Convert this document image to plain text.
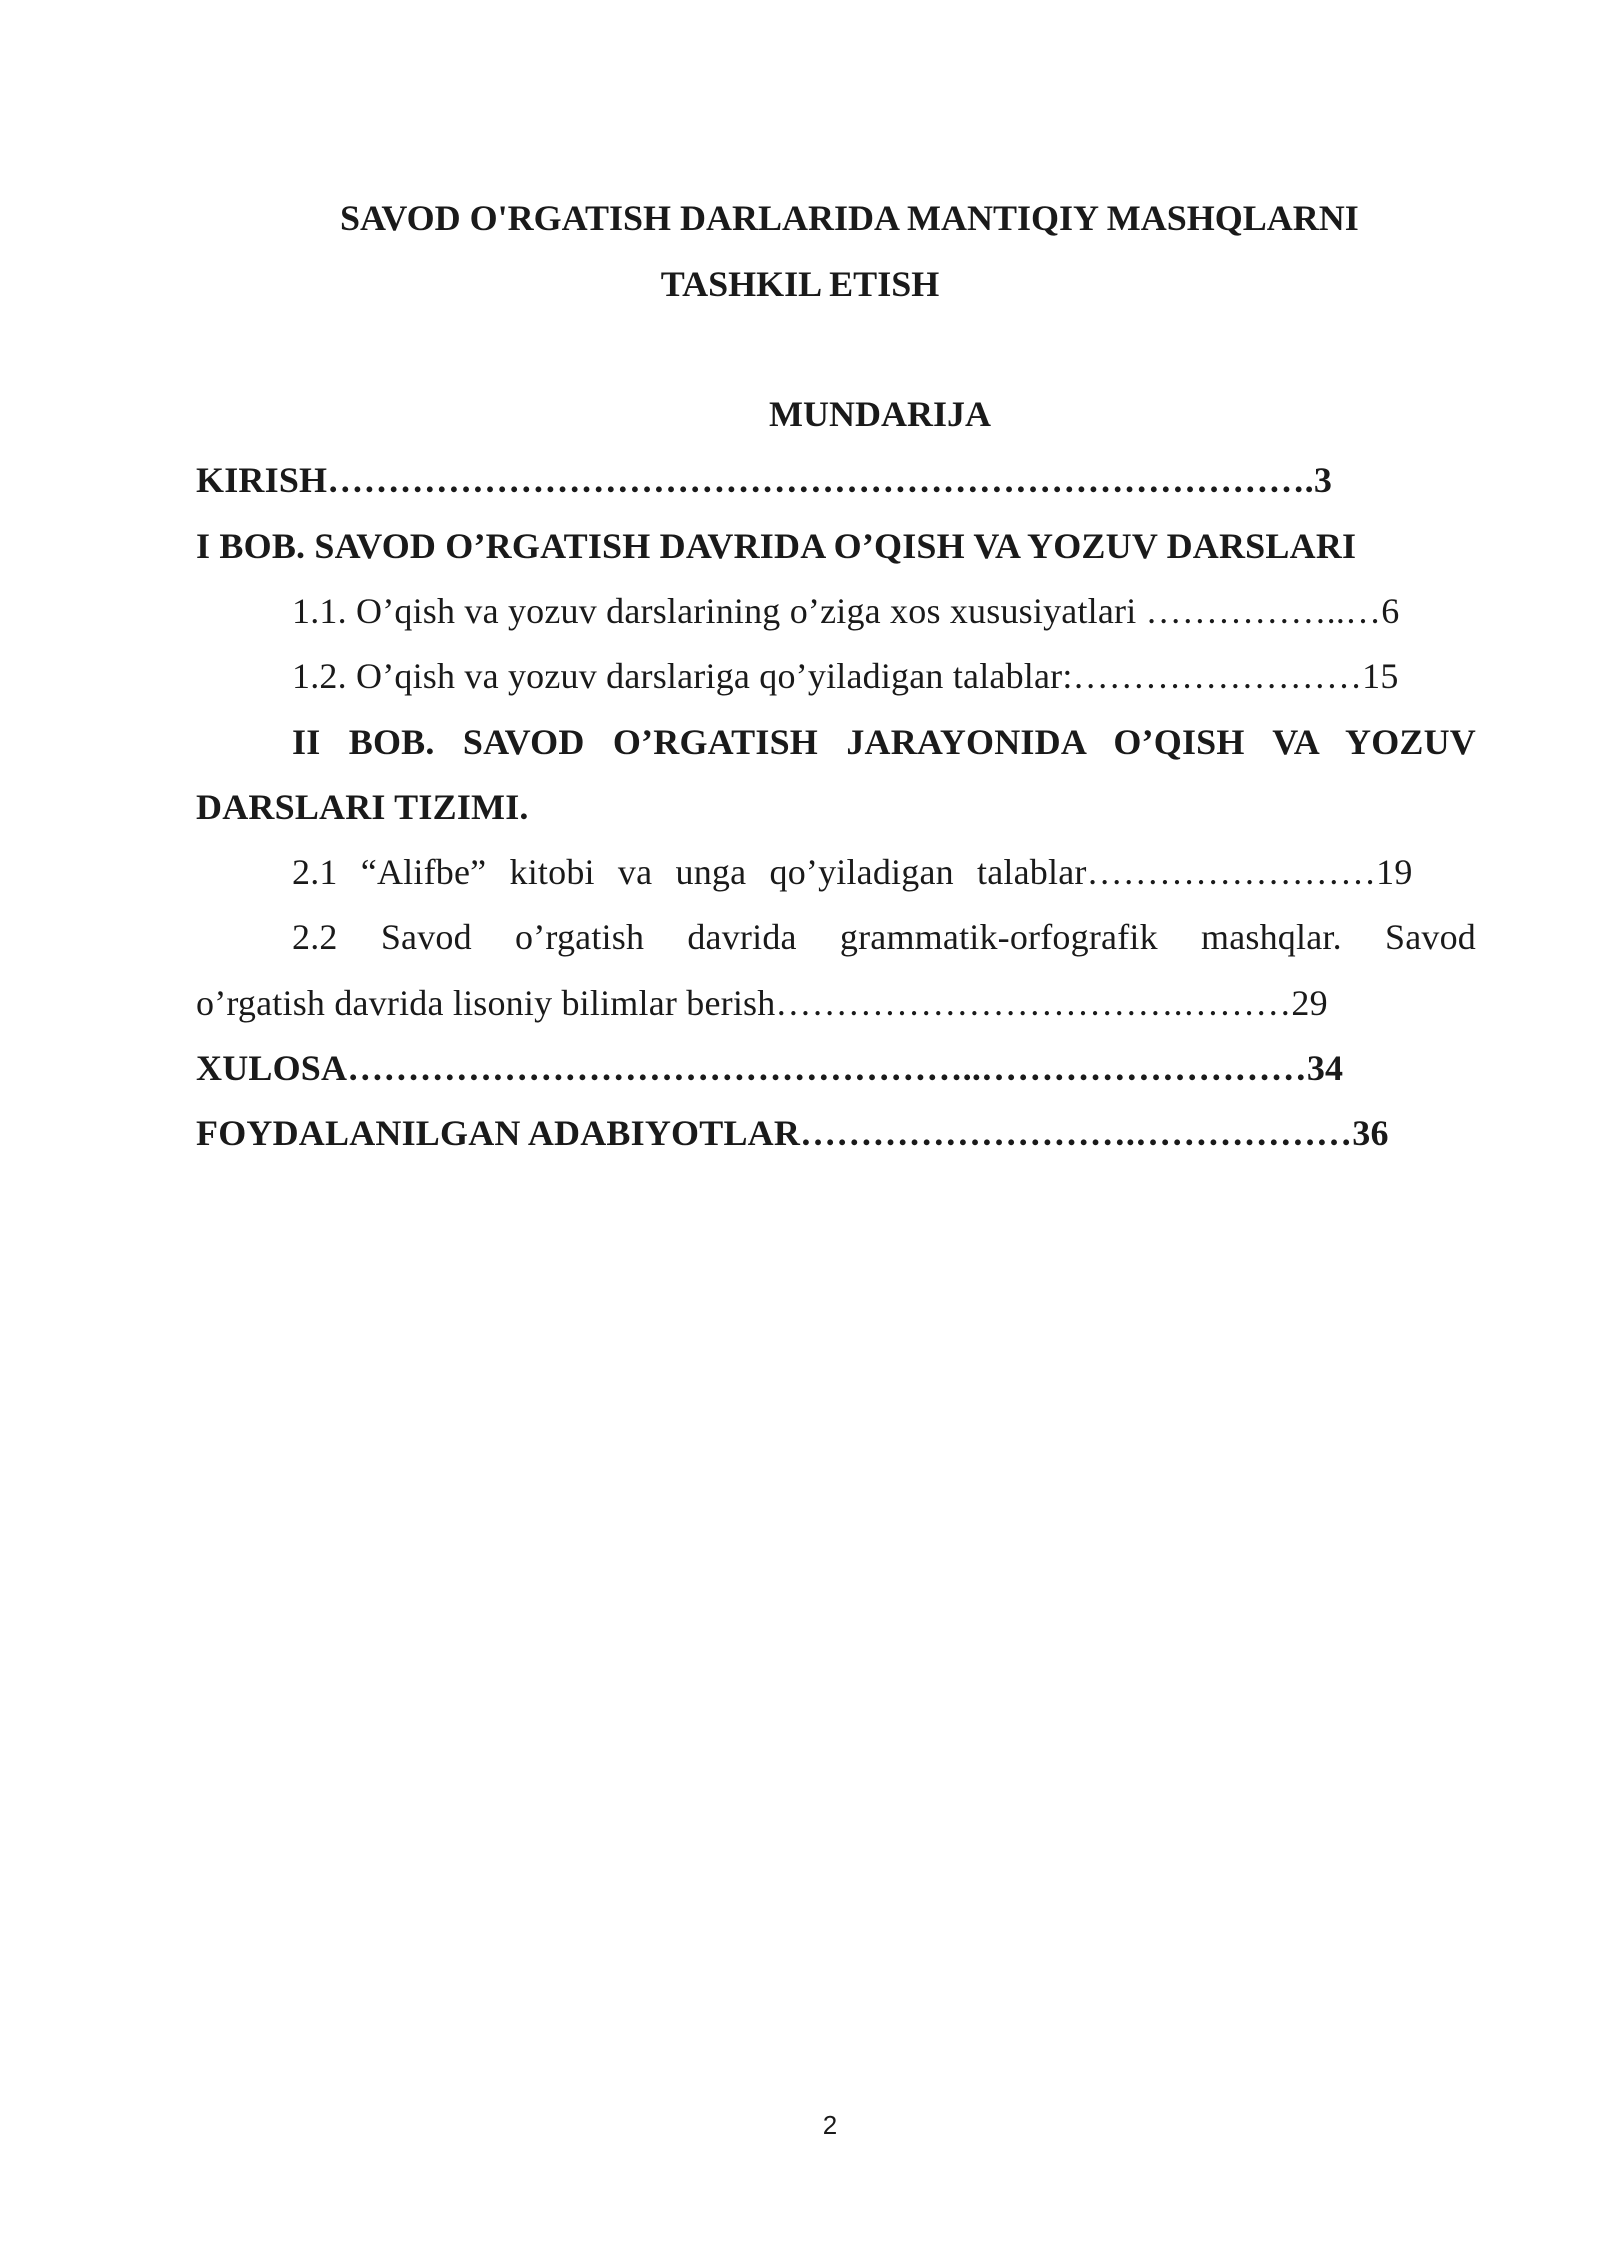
SAVOD O'RGATISH DARLARIDA MANTIQIY MASHQLARNI
TASHKIL ETISH
MUNDARIJA
KIRISH……………………………………………………………………….3
I BOB. SAVOD O’RGATISH DAVRIDA O’QISH VA YOZUV DARSLARI
1.1. O’qish va yozuv darslarining o’ziga xos xususiyatlari ……………..…6
1.2. O’qish va yozuv darslariga qo’yiladigan talablar:……………………15
II BOB. SAVOD O’RGATISH JARAYONIDA O’QISH VA YOZUV
DARSLARI TIZIMI.
2.1 “Alifbe” kitobi va unga qo’yiladigan talablar……………………19
2.2 Savod o’rgatish davrida grammatik-orfografik mashqlar. Savod
o’rgatish davrida lisoniy bilimlar berish…………………………….………29
XULOSA……………………………………………..………………………34
FOYDALANILGAN ADABIYOTLAR……………………….………………36
2
